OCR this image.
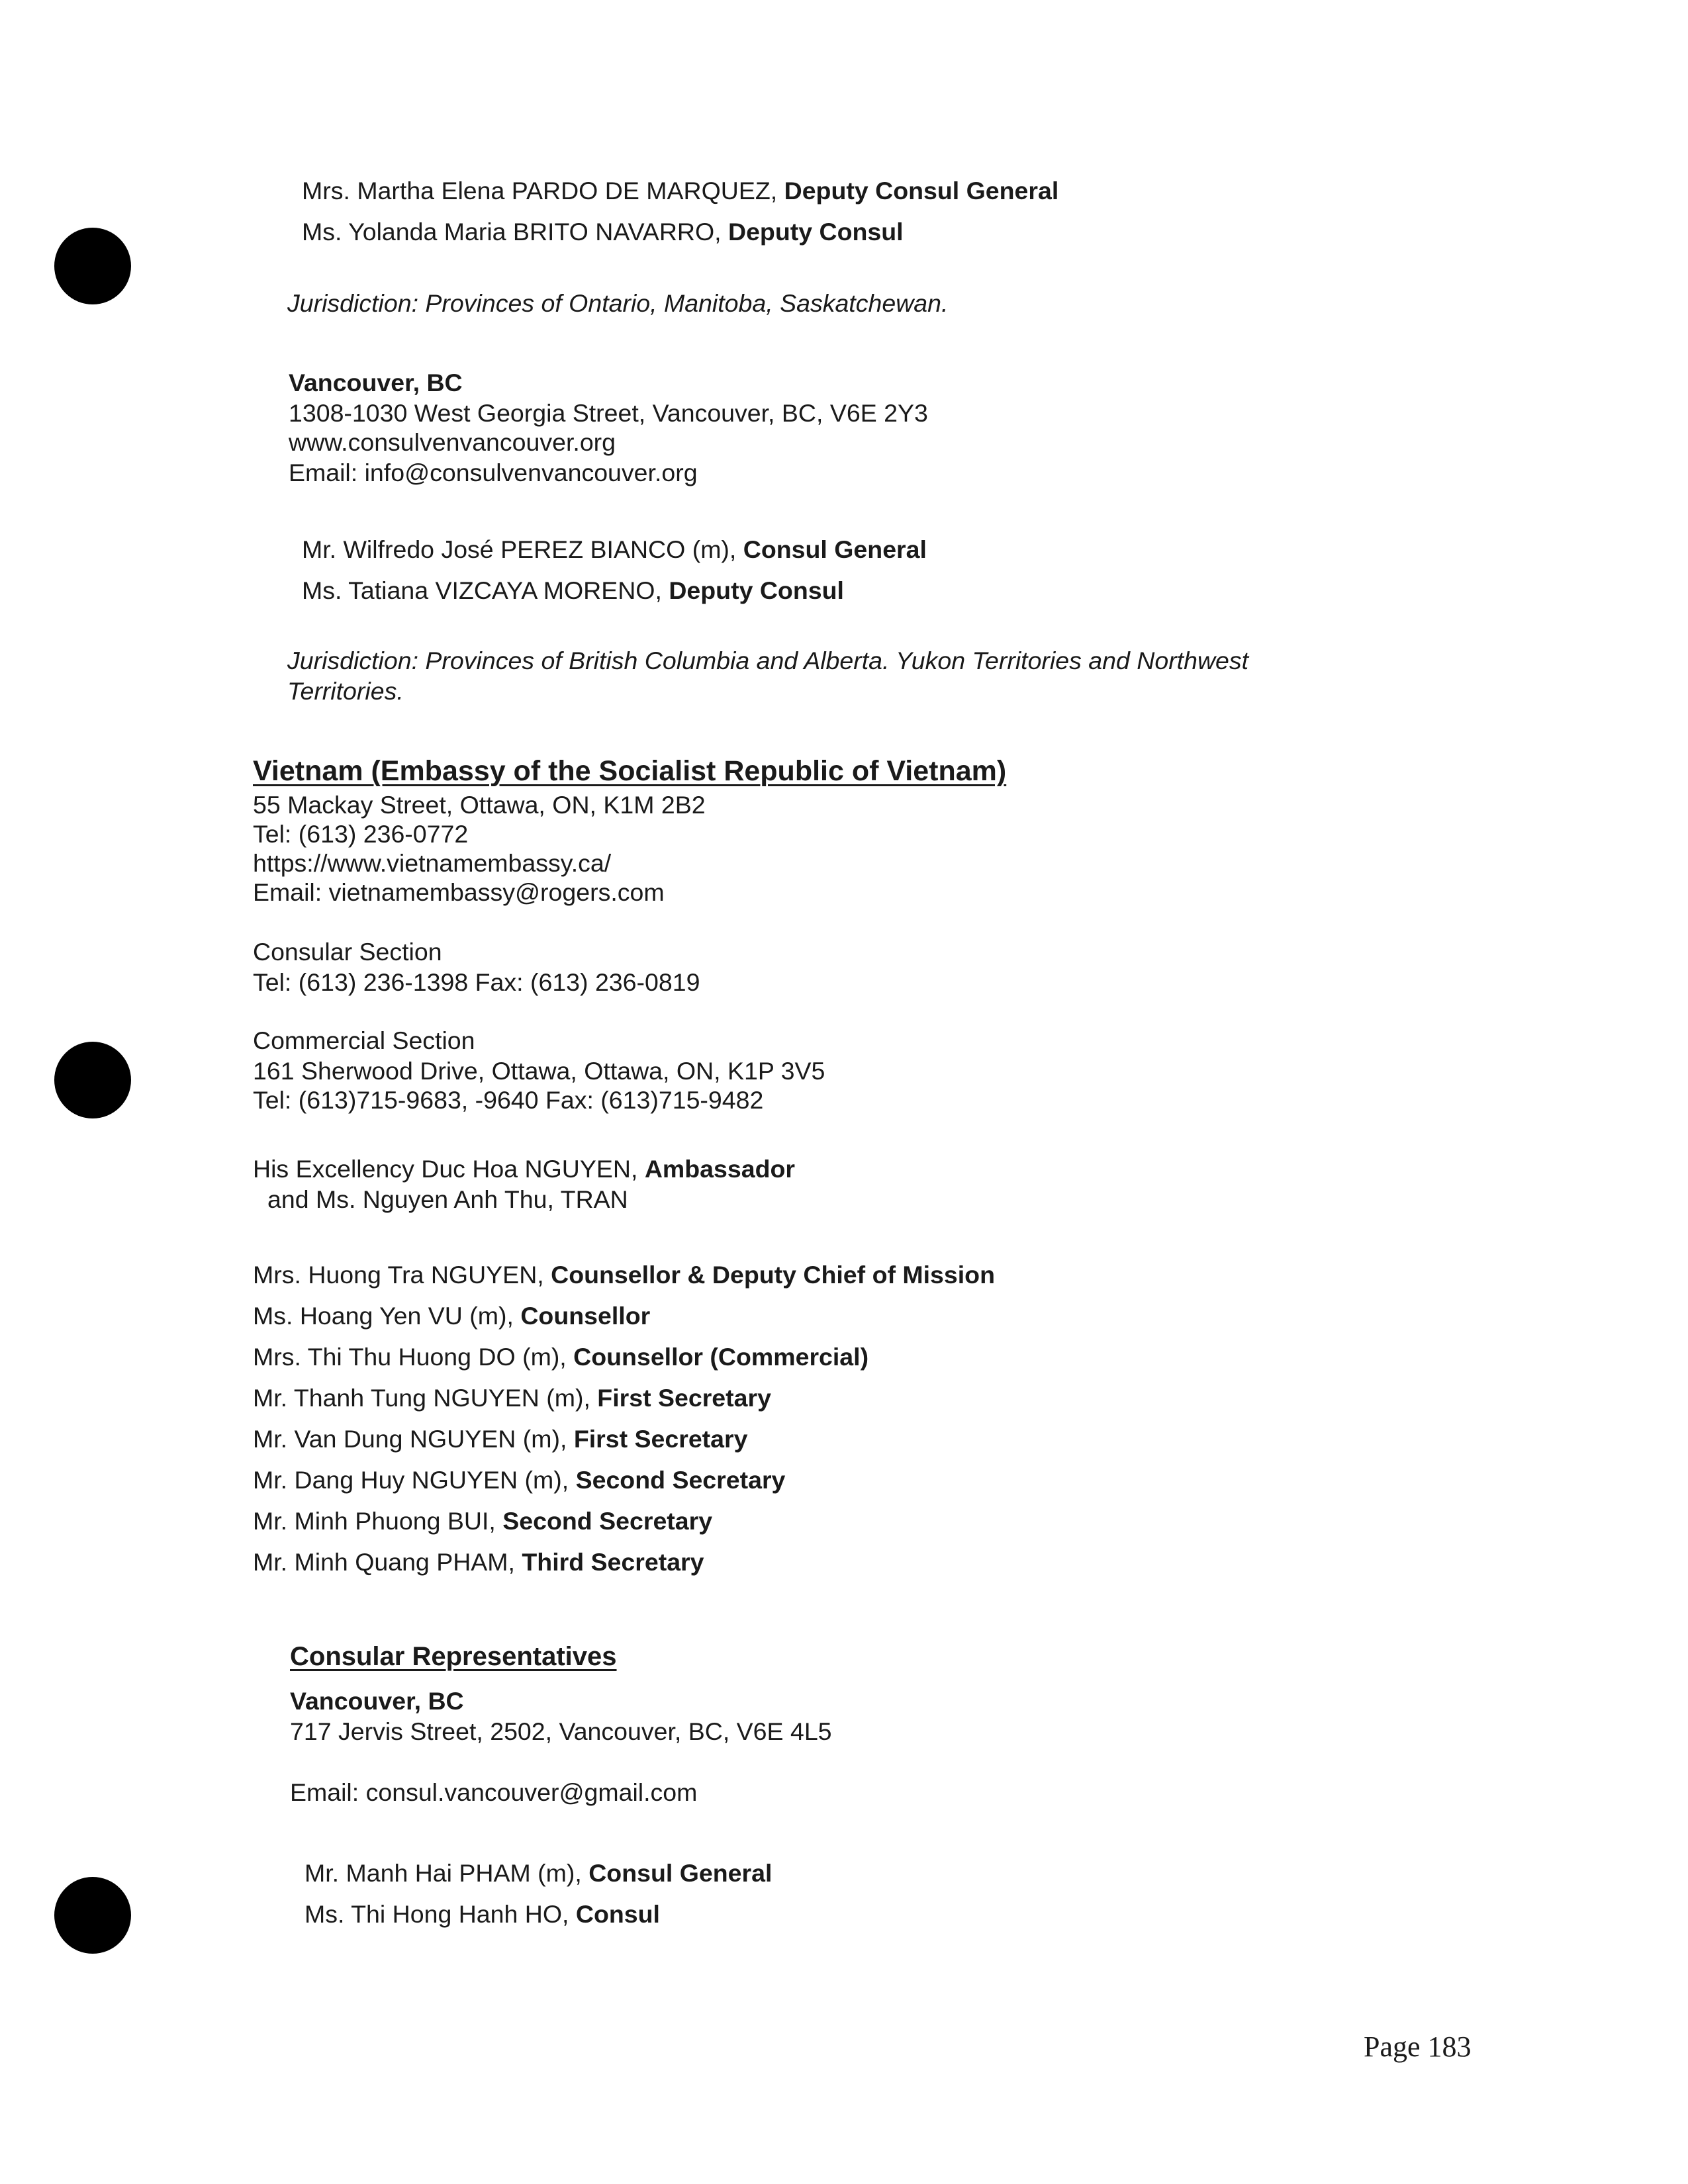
Mrs. Martha Elena PARDO DE MARQUEZ, Deputy Consul General
Ms. Yolanda Maria BRITO NAVARRO, Deputy Consul
Jurisdiction: Provinces of Ontario, Manitoba, Saskatchewan.
Vancouver, BC
1308-1030 West Georgia Street, Vancouver, BC, V6E 2Y3
www.consulvenvancouver.org
Email: info@consulvenvancouver.org
Mr. Wilfredo José PEREZ BIANCO (m), Consul General
Ms. Tatiana VIZCAYA MORENO, Deputy Consul
Jurisdiction: Provinces of British Columbia and Alberta. Yukon Territories and Northwest
Territories.
Vietnam (Embassy of the Socialist Republic of Vietnam)
55 Mackay Street, Ottawa, ON, K1M 2B2
Tel: (613) 236-0772
https://www.vietnamembassy.ca/
Email: vietnamembassy@rogers.com
Consular Section
Tel: (613) 236-1398 Fax: (613) 236-0819
Commercial Section
161 Sherwood Drive, Ottawa, Ottawa, ON, K1P 3V5
Tel: (613)715-9683, -9640 Fax: (613)715-9482
His Excellency Duc Hoa NGUYEN, Ambassador
and Ms. Nguyen Anh Thu, TRAN
Mrs. Huong Tra NGUYEN, Counsellor & Deputy Chief of Mission
Ms. Hoang Yen VU (m), Counsellor
Mrs. Thi Thu Huong DO (m), Counsellor (Commercial)
Mr. Thanh Tung NGUYEN (m), First Secretary
Mr. Van Dung NGUYEN (m), First Secretary
Mr. Dang Huy NGUYEN (m), Second Secretary
Mr. Minh Phuong BUI, Second Secretary
Mr. Minh Quang PHAM, Third Secretary
Consular Representatives
Vancouver, BC
717 Jervis Street, 2502, Vancouver, BC, V6E 4L5
Email: consul.vancouver@gmail.com
Mr. Manh Hai PHAM (m), Consul General
Ms. Thi Hong Hanh HO, Consul
Page 183
